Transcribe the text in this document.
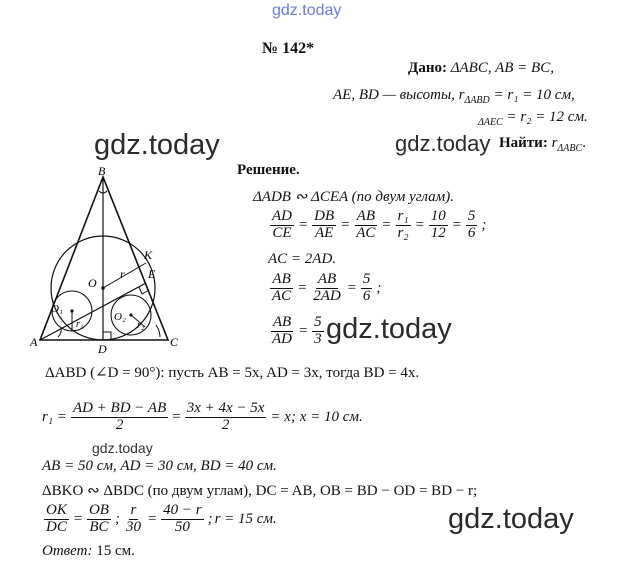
gdz.today
gdz.today	gdz.today
gdz.today
gdz.today
gdz.today
№ 142*
Дано: ΔABC, AB = BC,
AE, BD — высоты, $r_{\Delta ABD} = r_1 = 10$ см,
$_{\Delta AEC}$ = r₂ = 12 см.
Найти: $r_{\Delta ABC}$.
B
K
E
O
r
O₁
r₁
O₂
r₂
A	D	C
Решение.
ΔADB ∾ ΔCEA (по двум углам).
$\frac{AD}{CE} = \frac{DB}{AE} = \frac{AB}{AC} = \frac{\text{r₁}}{\text{r₂}} = \frac{10}{12} = \frac{5}{6}$ ;
AC = 2AD.
$\frac{AB}{AC} = \frac{AB}{2AD} = \frac{5}{6}$ ;
$\frac{AB}{AD} = \frac{5}{3}$
ΔABD (∠D = 90°): пусть AB = 5x, AD = 3x, тогда BD = 4x.
$r_1 = \frac{AD + BD - AB}{2} = \frac{3x + 4x - 5x}{2} = x$; x = 10 см.
AB = 50 см, AD = 30 см, BD = 40 см.
ΔBKO ∾ ΔBDC (по двум углам), DC = AB, OB = BD − OD = BD − r;
$\frac{OK}{DC} = \frac{OB}{BC}$ ; $\frac{r}{30} = \frac{40 - r}{50}$ ; r = 15 см.
Ответ: 15 см.
